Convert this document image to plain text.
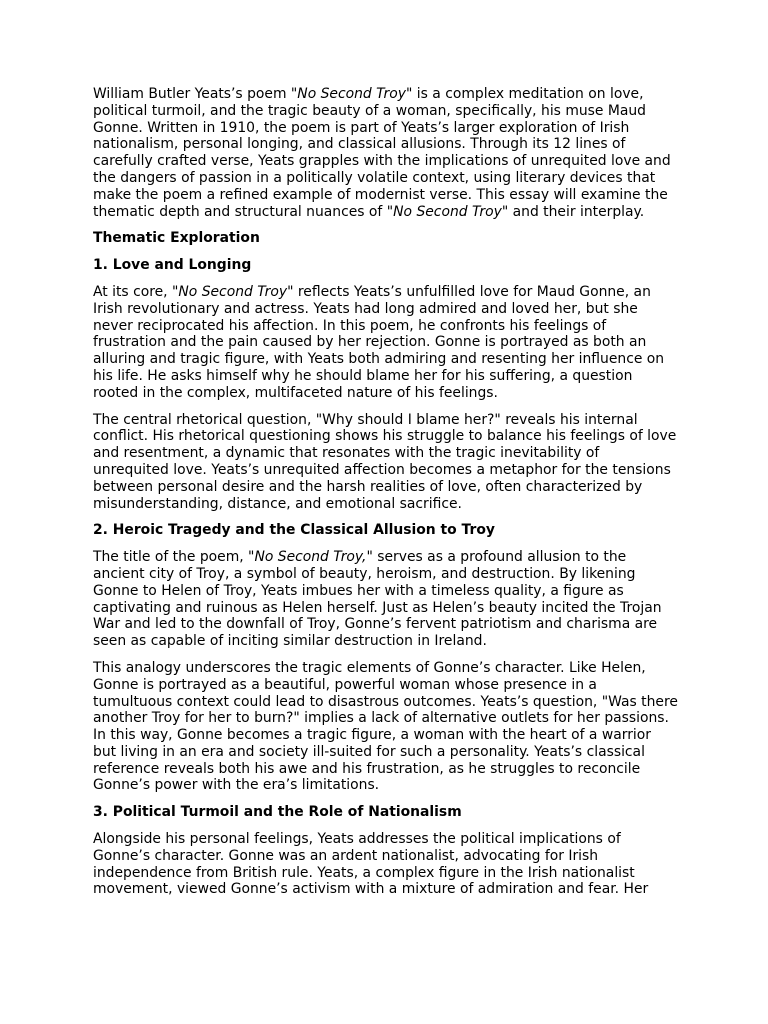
William Butler Yeats’s poem "No Second Troy" is a complex meditation on love, political turmoil, and the tragic beauty of a woman, specifically, his muse Maud Gonne. Written in 1910, the poem is part of Yeats’s larger exploration of Irish nationalism, personal longing, and classical allusions. Through its 12 lines of carefully crafted verse, Yeats grapples with the implications of unrequited love and the dangers of passion in a politically volatile context, using literary devices that make the poem a refined example of modernist verse. This essay will examine the thematic depth and structural nuances of "No Second Troy" and their interplay.

Thematic Exploration
1. Love and Longing

At its core, "No Second Troy" reflects Yeats’s unfulfilled love for Maud Gonne, an Irish revolutionary and actress. Yeats had long admired and loved her, but she never reciprocated his affection. In this poem, he confronts his feelings of frustration and the pain caused by her rejection. Gonne is portrayed as both an alluring and tragic figure, with Yeats both admiring and resenting her influence on his life. He asks himself why he should blame her for his suffering, a question rooted in the complex, multifaceted nature of his feelings.

The central rhetorical question, "Why should I blame her?" reveals his internal conflict. His rhetorical questioning shows his struggle to balance his feelings of love and resentment, a dynamic that resonates with the tragic inevitability of unrequited love. Yeats’s unrequited affection becomes a metaphor for the tensions between personal desire and the harsh realities of love, often characterized by misunderstanding, distance, and emotional sacrifice.

2. Heroic Tragedy and the Classical Allusion to Troy

The title of the poem, "No Second Troy," serves as a profound allusion to the ancient city of Troy, a symbol of beauty, heroism, and destruction. By likening Gonne to Helen of Troy, Yeats imbues her with a timeless quality, a figure as captivating and ruinous as Helen herself. Just as Helen’s beauty incited the Trojan War and led to the downfall of Troy, Gonne’s fervent patriotism and charisma are seen as capable of inciting similar destruction in Ireland.

This analogy underscores the tragic elements of Gonne’s character. Like Helen, Gonne is portrayed as a beautiful, powerful woman whose presence in a tumultuous context could lead to disastrous outcomes. Yeats’s question, "Was there another Troy for her to burn?" implies a lack of alternative outlets for her passions. In this way, Gonne becomes a tragic figure, a woman with the heart of a warrior but living in an era and society ill-suited for such a personality. Yeats’s classical reference reveals both his awe and his frustration, as he struggles to reconcile Gonne’s power with the era’s limitations.

3. Political Turmoil and the Role of Nationalism

Alongside his personal feelings, Yeats addresses the political implications of Gonne’s character. Gonne was an ardent nationalist, advocating for Irish independence from British rule. Yeats, a complex figure in the Irish nationalist movement, viewed Gonne’s activism with a mixture of admiration and fear. Her
